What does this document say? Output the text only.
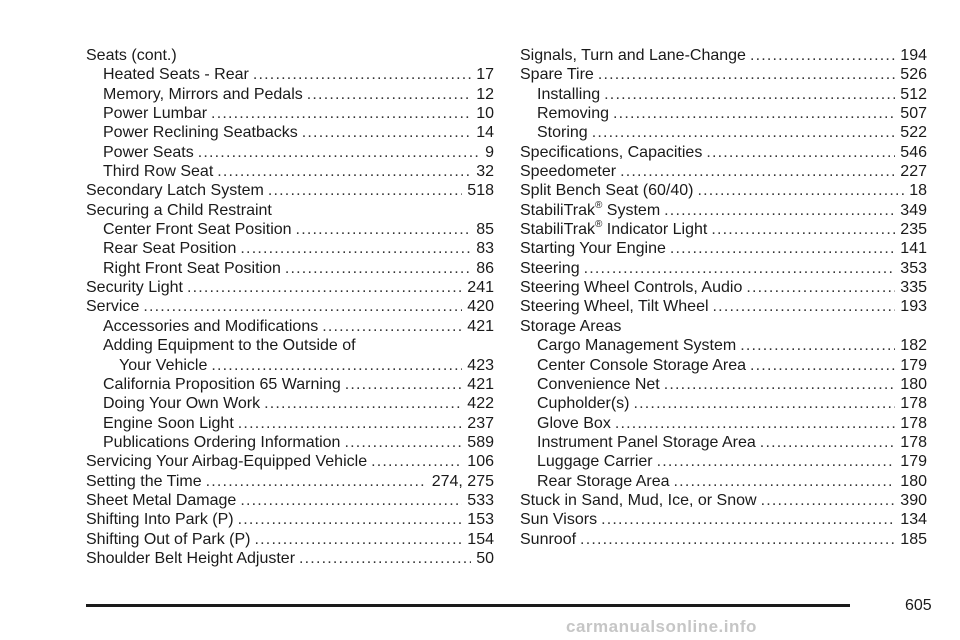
Seats (cont.)
Heated Seats - Rear .....	17
Memory, Mirrors and Pedals .....	12
Power Lumbar .....	10
Power Reclining Seatbacks .....	14
Power Seats .....	9
Third Row Seat .....	32
Secondary Latch System .....	518
Securing a Child Restraint
Center Front Seat Position .....	85
Rear Seat Position .....	83
Right Front Seat Position .....	86
Security Light .....	241
Service .....	420
Accessories and Modifications .....	421
Adding Equipment to the Outside of
Your Vehicle .....	423
California Proposition 65 Warning .....	421
Doing Your Own Work .....	422
Engine Soon Light .....	237
Publications Ordering Information .....	589
Servicing Your Airbag-Equipped Vehicle .....	106
Setting the Time .....	274, 275
Sheet Metal Damage .....	533
Shifting Into Park (P) .....	153
Shifting Out of Park (P) .....	154
Shoulder Belt Height Adjuster .....	50
Signals, Turn and Lane-Change .....	194
Spare Tire .....	526
Installing .....	512
Removing .....	507
Storing .....	522
Specifications, Capacities .....	546
Speedometer .....	227
Split Bench Seat (60/40) .....	18
StabiliTrak® System .....	349
StabiliTrak® Indicator Light .....	235
Starting Your Engine .....	141
Steering .....	353
Steering Wheel Controls, Audio .....	335
Steering Wheel, Tilt Wheel .....	193
Storage Areas
Cargo Management System .....	182
Center Console Storage Area .....	179
Convenience Net .....	180
Cupholder(s) .....	178
Glove Box .....	178
Instrument Panel Storage Area .....	178
Luggage Carrier .....	179
Rear Storage Area .....	180
Stuck in Sand, Mud, Ice, or Snow .....	390
Sun Visors .....	134
Sunroof .....	185
605
carmanualsonline.info
